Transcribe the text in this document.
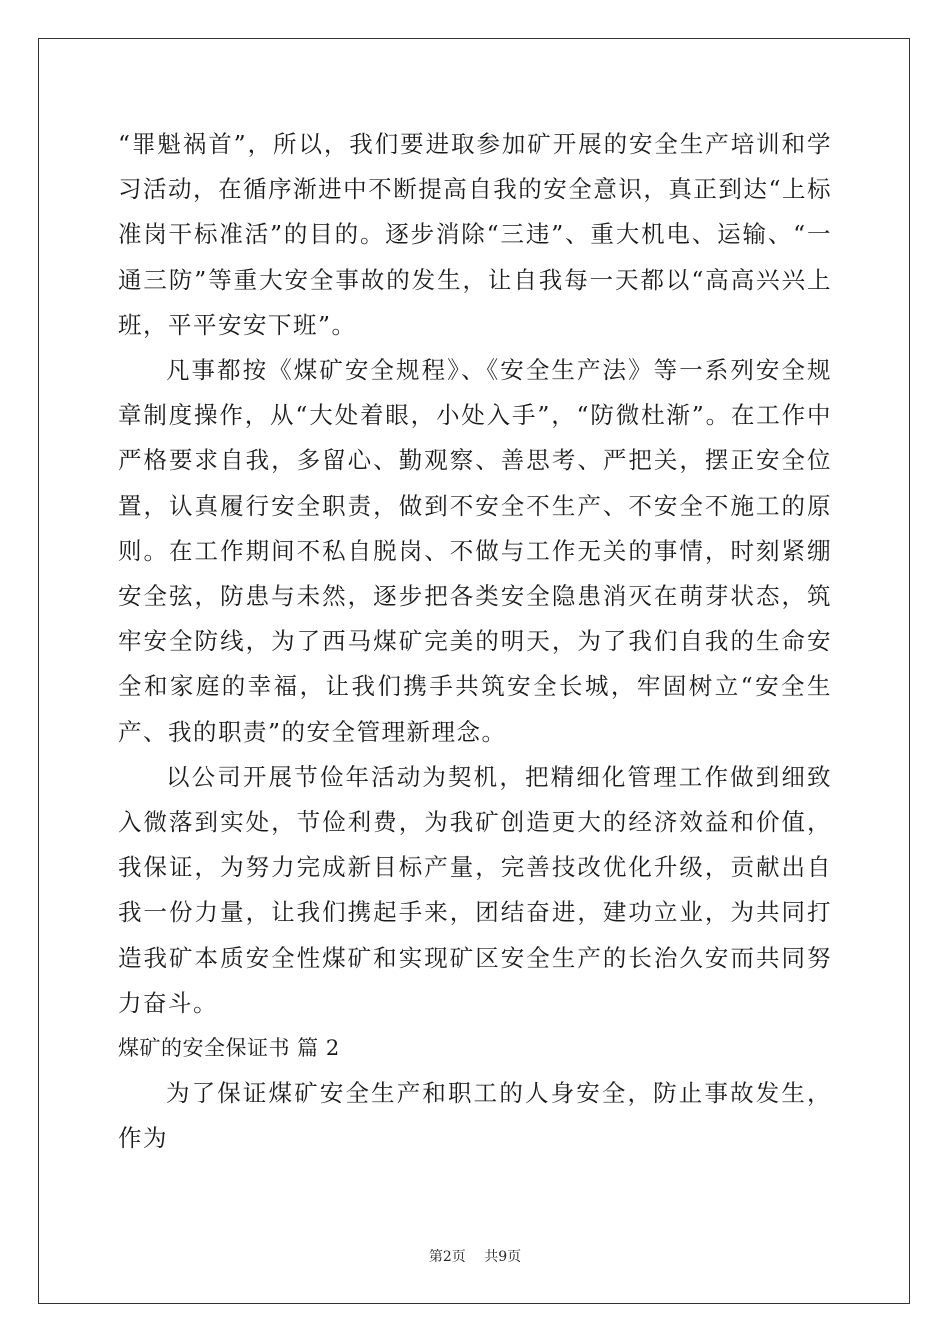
“罪魁祸首”，所以，我们要进取参加矿开展的安全生产培训和学习活动，在循序渐进中不断提高自我的安全意识，真正到达“上标准岗干标准活”的目的。逐步消除“三违”、重大机电、运输、“一通三防”等重大安全事故的发生，让自我每一天都以“高高兴兴上班，平平安安下班”。

凡事都按《煤矿安全规程》、《安全生产法》等一系列安全规章制度操作，从“大处着眼，小处入手”，“防微杜渐”。在工作中严格要求自我，多留心、勤观察、善思考、严把关，摆正安全位置，认真履行安全职责，做到不安全不生产、不安全不施工的原则。在工作期间不私自脱岗、不做与工作无关的事情，时刻紧绷安全弦，防患与未然，逐步把各类安全隐患消灭在萌芽状态，筑牢安全防线，为了西马煤矿完美的明天，为了我们自我的生命安全和家庭的幸福，让我们携手共筑安全长城，牢固树立“安全生产、我的职责”的安全管理新理念。

以公司开展节俭年活动为契机，把精细化管理工作做到细致入微落到实处，节俭利费，为我矿创造更大的经济效益和价值，我保证，为努力完成新目标产量，完善技改优化升级，贡献出自我一份力量，让我们携起手来，团结奋进，建功立业，为共同打造我矿本质安全性煤矿和实现矿区安全生产的长治久安而共同努力奋斗。

煤矿的安全保证书 篇 2

为了保证煤矿安全生产和职工的人身安全，防止事故发生，作为

第2页 共9页
